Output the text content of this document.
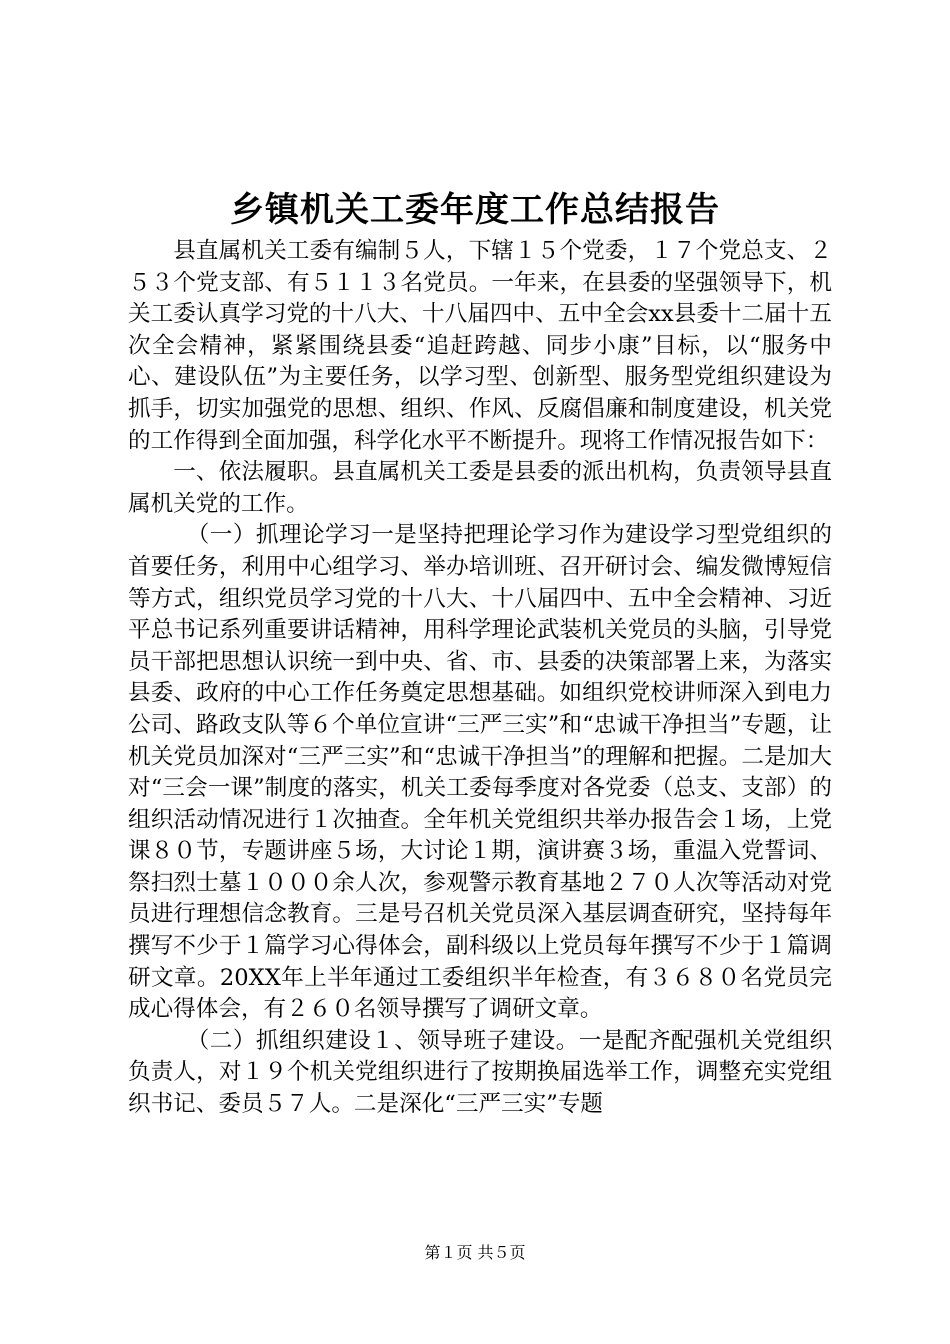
乡镇机关工委年度工作总结报告

县直属机关工委有编制５人，下辖１５个党委，１７个党总支、２５３个党支部、有５１１３名党员。一年来，在县委的坚强领导下，机关工委认真学习党的十八大、十八届四中、五中全会xx县委十二届十五次全会精神，紧紧围绕县委“追赶跨越、同步小康”目标，以“服务中心、建设队伍”为主要任务，以学习型、创新型、服务型党组织建设为抓手，切实加强党的思想、组织、作风、反腐倡廉和制度建设，机关党的工作得到全面加强，科学化水平不断提升。现将工作情况报告如下：

一、依法履职。县直属机关工委是县委的派出机构，负责领导县直属机关党的工作。

（一）抓理论学习一是坚持把理论学习作为建设学习型党组织的首要任务，利用中心组学习、举办培训班、召开研讨会、编发微博短信等方式，组织党员学习党的十八大、十八届四中、五中全会精神、习近平总书记系列重要讲话精神，用科学理论武装机关党员的头脑，引导党员干部把思想认识统一到中央、省、市、县委的决策部署上来，为落实县委、政府的中心工作任务奠定思想基础。如组织党校讲师深入到电力公司、路政支队等６个单位宣讲“三严三实”和“忠诚干净担当”专题，让机关党员加深对“三严三实”和“忠诚干净担当”的理解和把握。二是加大对“三会一课”制度的落实，机关工委每季度对各党委（总支、支部）的组织活动情况进行１次抽查。全年机关党组织共举办报告会１场，上党课８０节，专题讲座５场，大讨论１期，演讲赛３场，重温入党誓词、祭扫烈士墓１０００余人次，参观警示教育基地２７０人次等活动对党员进行理想信念教育。三是号召机关党员深入基层调查研究，坚持每年撰写不少于１篇学习心得体会，副科级以上党员每年撰写不少于１篇调研文章。20XX年上半年通过工委组织半年检查，有３６８０名党员完成心得体会，有２６０名领导撰写了调研文章。

（二）抓组织建设１、领导班子建设。一是配齐配强机关党组织负责人，对１９个机关党组织进行了按期换届选举工作，调整充实党组织书记、委员５７人。二是深化“三严三实”专题

第１页 共５页
